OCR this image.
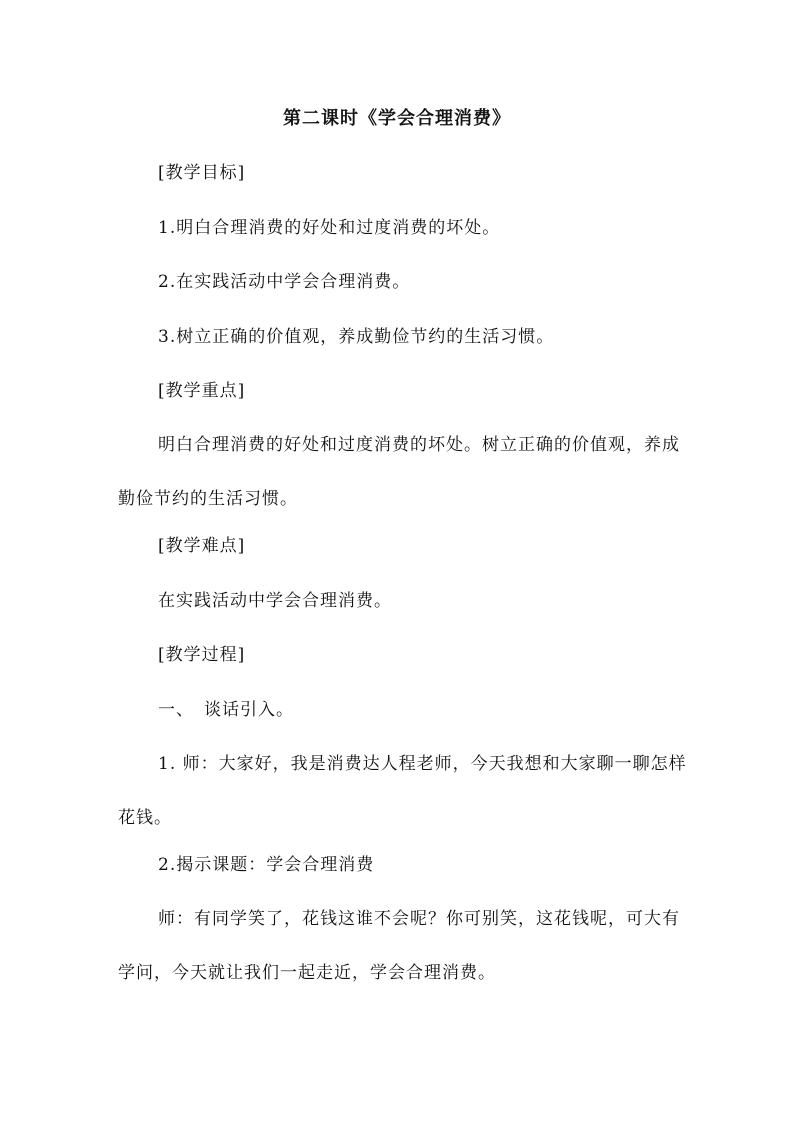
第二课时《学会合理消费》
[教学目标]
1.明白合理消费的好处和过度消费的坏处。
2.在实践活动中学会合理消费。
3.树立正确的价值观，养成勤俭节约的生活习惯。
[教学重点]
明白合理消费的好处和过度消费的坏处。树立正确的价值观，养成勤俭节约的生活习惯。
[教学难点]
在实践活动中学会合理消费。
[教学过程]
一、 谈话引入。
1. 师：大家好，我是消费达人程老师，今天我想和大家聊一聊怎样花钱。
2.揭示课题：学会合理消费
师：有同学笑了，花钱这谁不会呢？你可别笑，这花钱呢，可大有学问，今天就让我们一起走近，学会合理消费。
